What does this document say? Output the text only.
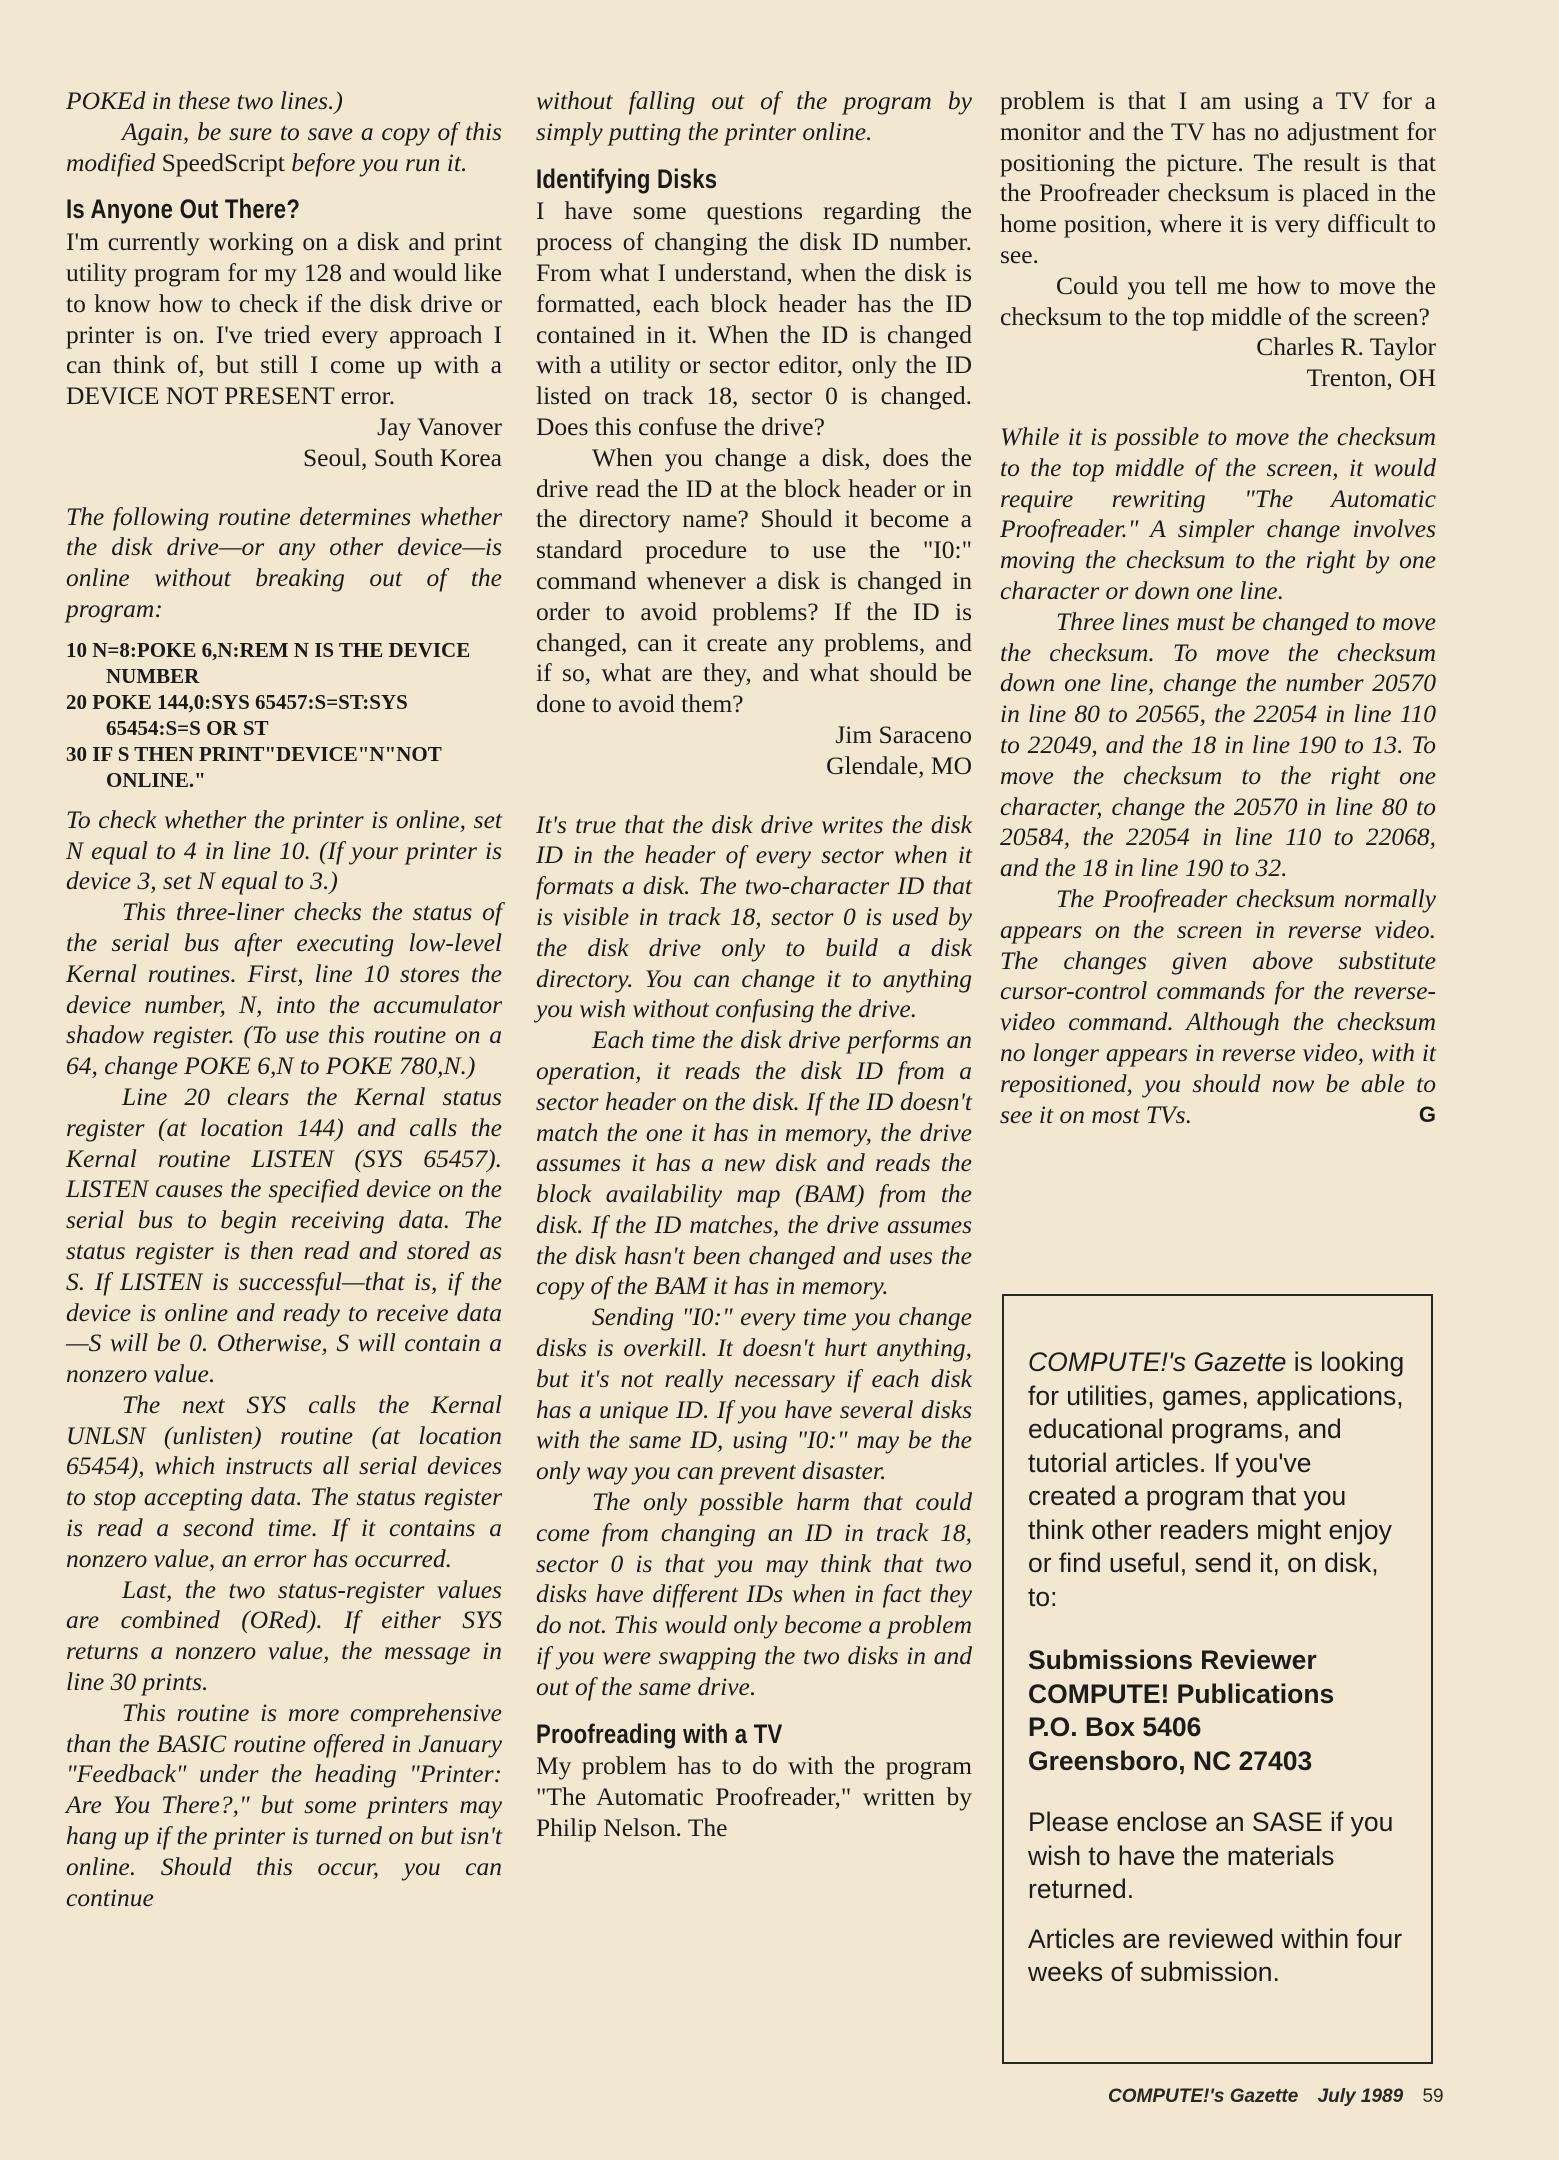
POKEd in these two lines.)

Again, be sure to save a copy of this modified SpeedScript before you run it.

Is Anyone Out There?

I'm currently working on a disk and print utility program for my 128 and would like to know how to check if the disk drive or printer is on. I've tried every approach I can think of, but still I come up with a DEVICE NOT PRESENT error.

Jay Vanover
Seoul, South Korea

The following routine determines whether the disk drive—or any other device—is online without breaking out of the program:

10 N=8:POKE 6,N:REM N IS THE DEVICE NUMBER
20 POKE 144,0:SYS 65457:S=ST:SYS 65454:S=S OR ST
30 IF S THEN PRINT"DEVICE"N"NOT ONLINE."

To check whether the printer is online, set N equal to 4 in line 10. (If your printer is device 3, set N equal to 3.)

This three-liner checks the status of the serial bus after executing low-level Kernal routines. First, line 10 stores the device number, N, into the accumulator shadow register. (To use this routine on a 64, change POKE 6,N to POKE 780,N.)

Line 20 clears the Kernal status register (at location 144) and calls the Kernal routine LISTEN (SYS 65457). LISTEN causes the specified device on the serial bus to begin receiving data. The status register is then read and stored as S. If LISTEN is successful—that is, if the device is online and ready to receive data—S will be 0. Otherwise, S will contain a nonzero value.

The next SYS calls the Kernal UNLSN (unlisten) routine (at location 65454), which instructs all serial devices to stop accepting data. The status register is read a second time. If it contains a nonzero value, an error has occurred.

Last, the two status-register values are combined (ORed). If either SYS returns a nonzero value, the message in line 30 prints.

This routine is more comprehensive than the BASIC routine offered in January "Feedback" under the heading "Printer: Are You There?," but some printers may hang up if the printer is turned on but isn't online. Should this occur, you can continue

without falling out of the program by simply putting the printer online.

Identifying Disks

I have some questions regarding the process of changing the disk ID number. From what I understand, when the disk is formatted, each block header has the ID contained in it. When the ID is changed with a utility or sector editor, only the ID listed on track 18, sector 0 is changed. Does this confuse the drive?

When you change a disk, does the drive read the ID at the block header or in the directory name? Should it become a standard procedure to use the "I0:" command whenever a disk is changed in order to avoid problems? If the ID is changed, can it create any problems, and if so, what are they, and what should be done to avoid them?

Jim Saraceno
Glendale, MO

It's true that the disk drive writes the disk ID in the header of every sector when it formats a disk. The two-character ID that is visible in track 18, sector 0 is used by the disk drive only to build a disk directory. You can change it to anything you wish without confusing the drive.

Each time the disk drive performs an operation, it reads the disk ID from a sector header on the disk. If the ID doesn't match the one it has in memory, the drive assumes it has a new disk and reads the block availability map (BAM) from the disk. If the ID matches, the drive assumes the disk hasn't been changed and uses the copy of the BAM it has in memory.

Sending "I0:" every time you change disks is overkill. It doesn't hurt anything, but it's not really necessary if each disk has a unique ID. If you have several disks with the same ID, using "I0:" may be the only way you can prevent disaster.

The only possible harm that could come from changing an ID in track 18, sector 0 is that you may think that two disks have different IDs when in fact they do not. This would only become a problem if you were swapping the two disks in and out of the same drive.

Proofreading with a TV

My problem has to do with the program "The Automatic Proofreader," written by Philip Nelson. The

problem is that I am using a TV for a monitor and the TV has no adjustment for positioning the picture. The result is that the Proofreader checksum is placed in the home position, where it is very difficult to see.

Could you tell me how to move the checksum to the top middle of the screen?

Charles R. Taylor
Trenton, OH

While it is possible to move the checksum to the top middle of the screen, it would require rewriting "The Automatic Proofreader." A simpler change involves moving the checksum to the right by one character or down one line.

Three lines must be changed to move the checksum. To move the checksum down one line, change the number 20570 in line 80 to 20565, the 22054 in line 110 to 22049, and the 18 in line 190 to 13. To move the checksum to the right one character, change the 20570 in line 80 to 20584, the 22054 in line 110 to 22068, and the 18 in line 190 to 32.

The Proofreader checksum normally appears on the screen in reverse video. The changes given above substitute cursor-control commands for the reverse-video command. Although the checksum no longer appears in reverse video, with it repositioned, you should now be able to see it on most TVs.	G

COMPUTE!'s Gazette is looking for utilities, games, applications, educational programs, and tutorial articles. If you've created a program that you think other readers might enjoy or find useful, send it, on disk, to:

Submissions Reviewer
COMPUTE! Publications
P.O. Box 5406
Greensboro, NC 27403

Please enclose an SASE if you wish to have the materials returned.

Articles are reviewed within four weeks of submission.

COMPUTE!'s Gazette July 1989 59
